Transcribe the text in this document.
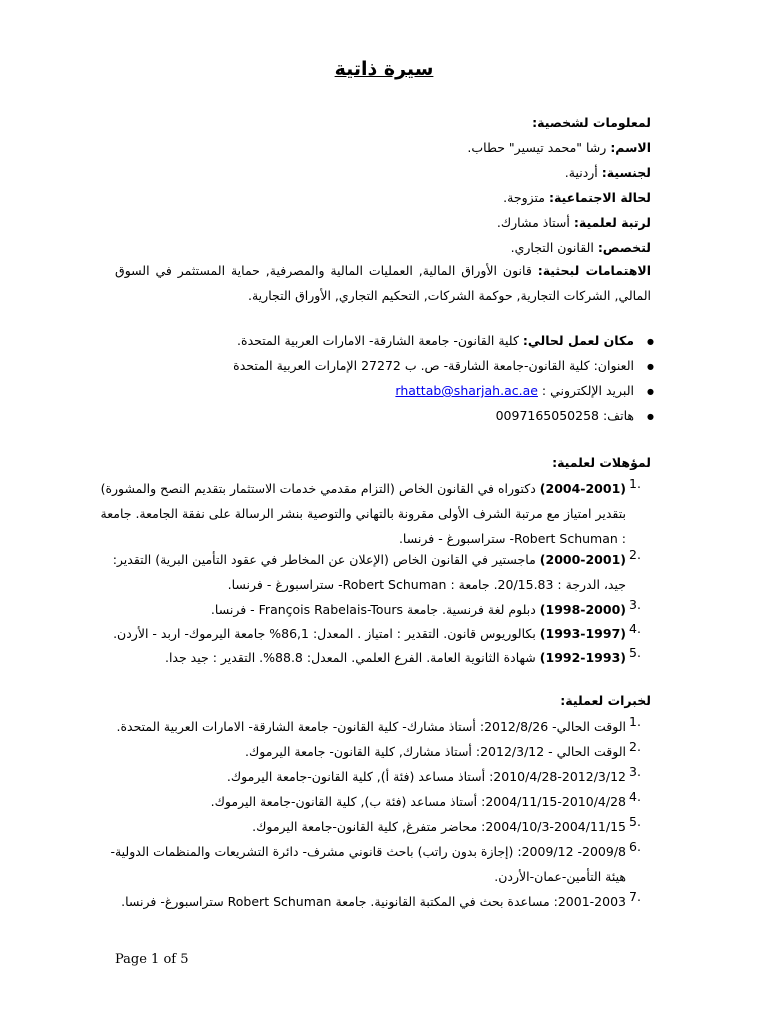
سيرة ذاتية
لمعلومات لشخصية:
الاسم: رشا "محمد تيسير" حطاب.
لجنسية: أردنية.
لحالة الاجتماعية: متزوجة.
لرتبة لعلمية: أستاذ مشارك.
لتخصص: القانون التجاري.
الاهتمامات لبحثية: قانون الأوراق المالية, العمليات المالية والمصرفية, حماية المستثمر في السوق المالي, الشركات التجارية, حوكمة الشركات, التحكيم التجاري, الأوراق التجارية.
● مكان لعمل لحالي: كلية القانون- جامعة الشارقة- الامارات العربية المتحدة.
● العنوان: كلية القانون-جامعة الشارقة- ص. ب 27272 الإمارات العربية المتحدة
● البريد الإلكتروني : rhattab@sharjah.ac.ae
● هاتف: 0097165050258
لمؤهلات لعلمية:
1.
(2004-2001) دكتوراه في القانون الخاص (التزام مقدمي خدمات الاستثمار بتقديم النصح والمشورة) بتقدير امتياز مع مرتبة الشرف الأولى مقرونة بالتهاني والتوصية بنشر الرسالة على نفقة الجامعة. جامعة : Robert Schuman- ستراسبورغ - فرنسا.
2.
(2000-2001) ماجستير في القانون الخاص (الإعلان عن المخاطر في عقود التأمين البرية) التقدير: جيد، الدرجة : 20/15.83. جامعة : Robert Schuman- ستراسبورغ - فرنسا.
3.
(1998-2000) دبلوم لغة فرنسية. جامعة François Rabelais-Tours - فرنسا.
4.
(1993-1997) بكالوريوس قانون. التقدير : امتياز . المعدل: 86,1% جامعة اليرموك- اربد - الأردن.
5.
(1992-1993) شهادة الثانوية العامة. الفرع العلمي. المعدل: 88.8%. التقدير : جيد جدا.
لخبرات لعملية:
1.
الوقت الحالي- 2012/8/26: أستاذ مشارك- كلية القانون- جامعة الشارقة- الامارات العربية المتحدة.
2.
الوقت الحالي - 2012/3/12: أستاذ مشارك, كلية القانون- جامعة اليرموك.
3.
2010/4/28-2012/3/12: أستاذ مساعد (فئة أ), كلية القانون-جامعة اليرموك.
4.
2004/11/15-2010/4/28: أستاذ مساعد (فئة ب), كلية القانون-جامعة اليرموك.
5.
2004/10/3-2004/11/15: محاضر متفرغ, كلية القانون-جامعة اليرموك.
6.
2009/8- 2009/12: (إجازة بدون راتب) باحث قانوني مشرف- دائرة التشريعات والمنظمات الدولية- هيئة التأمين-عمان-الأردن.
7.
2001-2003: مساعدة بحث في المكتبة القانونية. جامعة Robert Schuman ستراسبورغ- فرنسا.
Page 1 of 5
